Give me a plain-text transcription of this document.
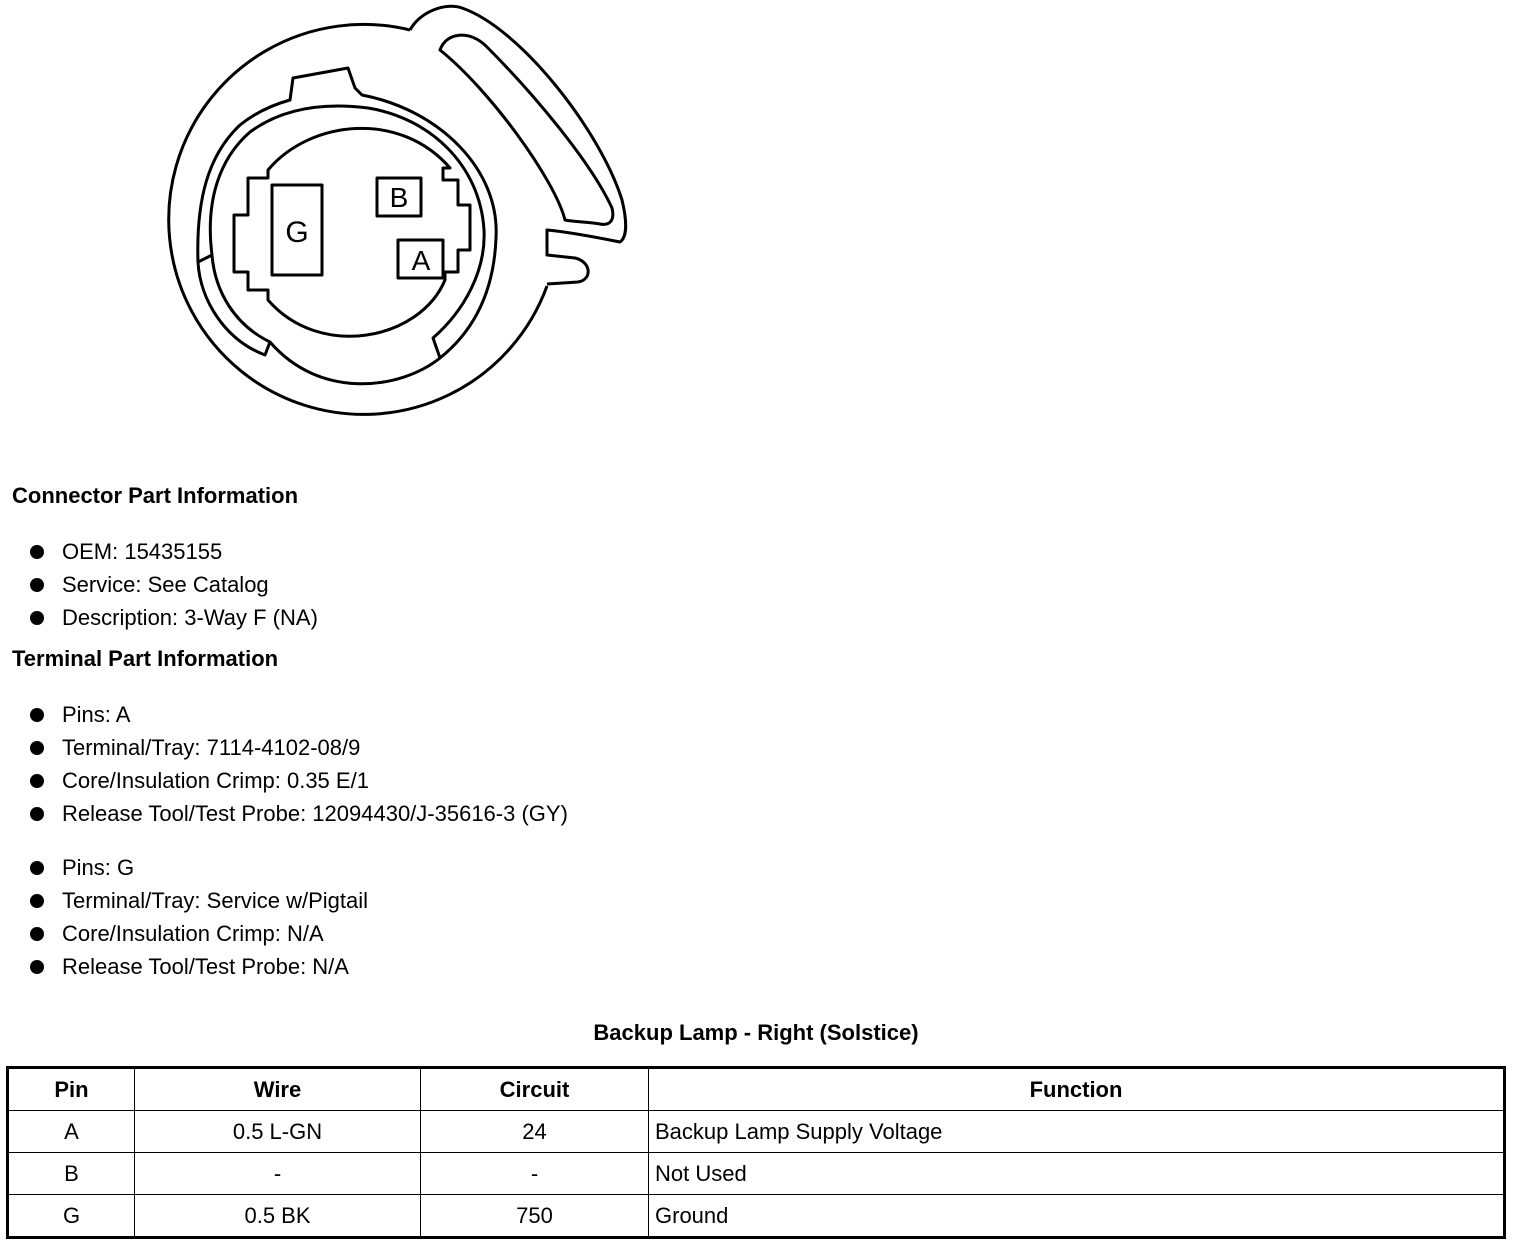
G
B
A
Connector Part Information
OEM: 15435155
Service: See Catalog
Description: 3-Way F (NA)
Terminal Part Information
Pins: A
Terminal/Tray: 7114-4102-08/9
Core/Insulation Crimp: 0.35 E/1
Release Tool/Test Probe: 12094430/J-35616-3 (GY)
Pins: G
Terminal/Tray: Service w/Pigtail
Core/Insulation Crimp: N/A
Release Tool/Test Probe: N/A
Backup Lamp - Right (Solstice)
Pin	Wire	Circuit	Function
A	0.5 L-GN	24	Backup Lamp Supply Voltage
B	-	-	Not Used
G	0.5 BK	750	Ground
